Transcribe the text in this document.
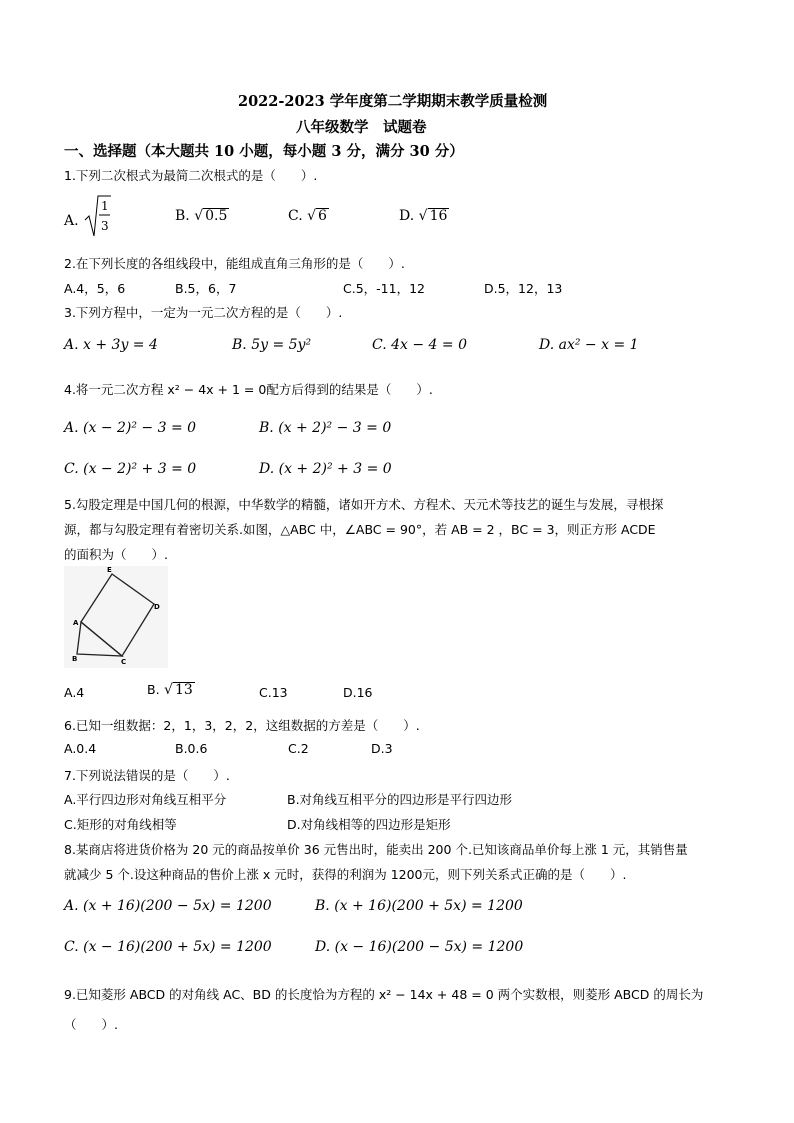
2022-2023 学年度第二学期期末教学质量检测
八年级数学　试题卷
一、选择题（本大题共 10 小题，每小题 3 分，满分 30 分）
1.下列二次根式为最简二次根式的是（　　）.
A.
1
3
B. √ 0.5	C. √ 6	D. √ 16
2.在下列长度的各组线段中，能组成直角三角形的是（　　）.
A.4，5，6	B.5，6，7	C.5，-11，12	D.5，12，13
3.下列方程中，一定为一元二次方程的是（　　）.
A. x + 3y = 4	B. 5y = 5y²	C. 4x − 4 = 0	D. ax² − x = 1
4.将一元二次方程 x² − 4x + 1 = 0配方后得到的结果是（　　）.
A. (x − 2)² − 3 = 0	B. (x + 2)² − 3 = 0
C. (x − 2)² + 3 = 0	D. (x + 2)² + 3 = 0
5.勾股定理是中国几何的根源，中华数学的精髓，诸如开方术、方程术、天元术等技艺的诞生与发展，寻根探
源，都与勾股定理有着密切关系.如图，△ABC 中，∠ABC = 90°，若 AB = 2 ，BC = 3，则正方形 ACDE
的面积为（　　）.
E
D
A
B	C
A.4	B. √ 13	C.13	D.16
6.已知一组数据：2，1，3，2，2，这组数据的方差是（　　）.
A.0.4	B.0.6	C.2	D.3
7.下列说法错误的是（　　）.
A.平行四边形对角线互相平分	B.对角线互相平分的四边形是平行四边形
C.矩形的对角线相等	D.对角线相等的四边形是矩形
8.某商店将进货价格为 20 元的商品按单价 36 元售出时，能卖出 200 个.已知该商品单价每上涨 1 元，其销售量
就减少 5 个.设这种商品的售价上涨 x 元时，获得的利润为 1200元，则下列关系式正确的是（　　）.
A. (x + 16)(200 − 5x) = 1200	B. (x + 16)(200 + 5x) = 1200
C. (x − 16)(200 + 5x) = 1200	D. (x − 16)(200 − 5x) = 1200
9.已知菱形 ABCD 的对角线 AC、BD 的长度恰为方程的 x² − 14x + 48 = 0 两个实数根，则菱形 ABCD 的周长为
（　　）.
